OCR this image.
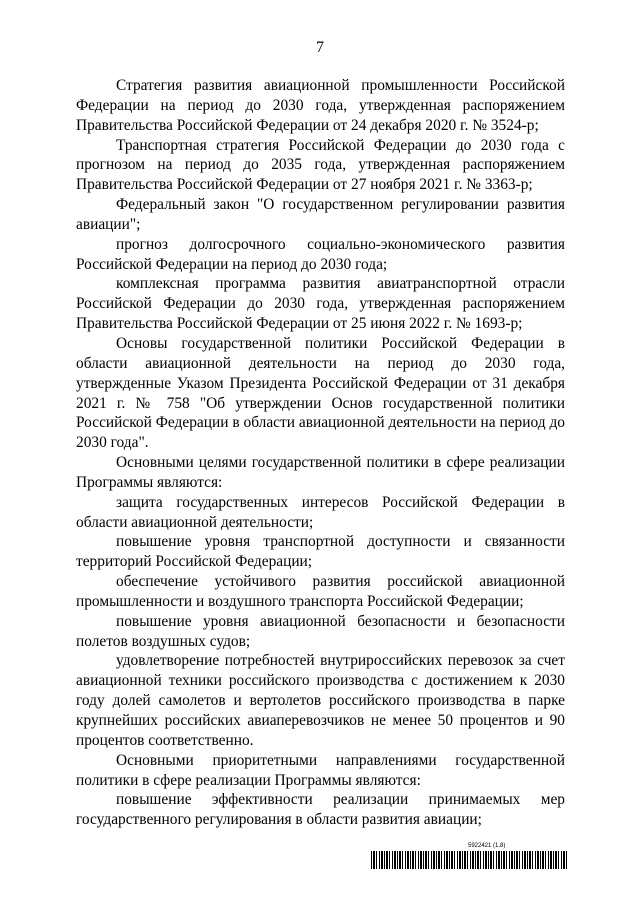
7

Стратегия развития авиационной промышленности Российской Федерации на период до 2030 года, утвержденная распоряжением Правительства Российской Федерации от 24 декабря 2020 г. № 3524-р;

Транспортная стратегия Российской Федерации до 2030 года с прогнозом на период до 2035 года, утвержденная распоряжением Правительства Российской Федерации от 27 ноября 2021 г. № 3363-р;

Федеральный закон "О государственном регулировании развития авиации";

прогноз долгосрочного социально-экономического развития Российской Федерации на период до 2030 года;

комплексная программа развития авиатранспортной отрасли Российской Федерации до 2030 года, утвержденная распоряжением Правительства Российской Федерации от 25 июня 2022 г. № 1693-р;

Основы государственной политики Российской Федерации в области авиационной деятельности на период до 2030 года, утвержденные Указом Президента Российской Федерации от 31 декабря 2021 г. № 758 "Об утверждении Основ государственной политики Российской Федерации в области авиационной деятельности на период до 2030 года".

Основными целями государственной политики в сфере реализации Программы являются:

защита государственных интересов Российской Федерации в области авиационной деятельности;

повышение уровня транспортной доступности и связанности территорий Российской Федерации;

обеспечение устойчивого развития российской авиационной промышленности и воздушного транспорта Российской Федерации;

повышение уровня авиационной безопасности и безопасности полетов воздушных судов;

удовлетворение потребностей внутрироссийских перевозок за счет авиационной техники российского производства с достижением к 2030 году долей самолетов и вертолетов российского производства в парке крупнейших российских авиаперевозчиков не менее 50 процентов и 90 процентов соответственно.

Основными приоритетными направлениями государственной политики в сфере реализации Программы являются:

повышение эффективности реализации принимаемых мер государственного регулирования в области развития авиации;

5922421 (1.8)
